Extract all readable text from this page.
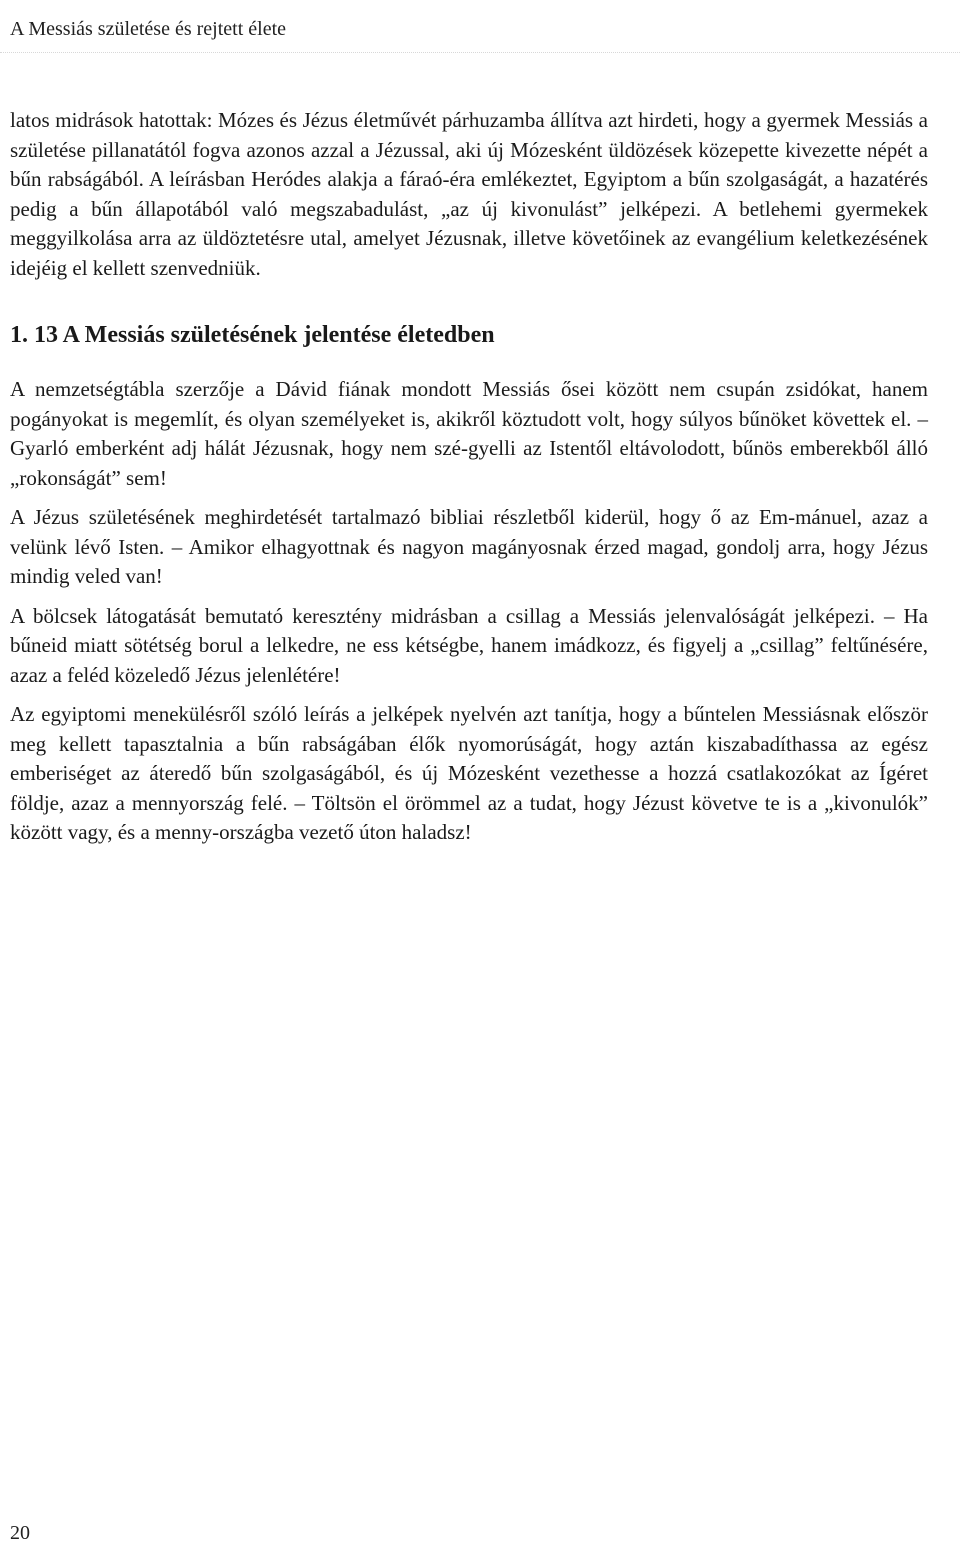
A Messiás születése és rejtett élete

latos midrások hatottak: Mózes és Jézus életművét párhuzamba állítva azt hirdeti, hogy a gyermek Messiás a születése pillanatától fogva azonos azzal a Jézussal, aki új Mózesként üldözések közepette kivezette népét a bűn rabságából. A leírásban Heródes alakja a fáraó-éra emlékeztet, Egyiptom a bűn szolgaságát, a hazatérés pedig a bűn állapotából való megszabadulást, „az új kivonulást” jelképezi. A betlehemi gyermekek meggyilkolása arra az üldöztetésre utal, amelyet Jézusnak, illetve követőinek az evangélium keletkezésének idejéig el kellett szenvedniük.

1. 13 A Messiás születésének jelentése életedben

A nemzetségtábla szerzője a Dávid fiának mondott Messiás ősei között nem csupán zsidókat, hanem pogányokat is megemlít, és olyan személyeket is, akikről köztudott volt, hogy súlyos bűnöket követtek el. – Gyarló emberként adj hálát Jézusnak, hogy nem szé-gyelli az Istentől eltávolodott, bűnös emberekből álló „rokonságát” sem!

A Jézus születésének meghirdetését tartalmazó bibliai részletből kiderül, hogy ő az Em-mánuel, azaz a velünk lévő Isten. – Amikor elhagyottnak és nagyon magányosnak érzed magad, gondolj arra, hogy Jézus mindig veled van!

A bölcsek látogatását bemutató keresztény midrásban a csillag a Messiás jelenvalóságát jelképezi. – Ha bűneid miatt sötétség borul a lelkedre, ne ess kétségbe, hanem imádkozz, és figyelj a „csillag” feltűnésére, azaz a feléd közeledő Jézus jelenlétére!

Az egyiptomi menekülésről szóló leírás a jelképek nyelvén azt tanítja, hogy a bűntelen Messiásnak először meg kellett tapasztalnia a bűn rabságában élők nyomorúságát, hogy aztán kiszabadíthassa az egész emberiséget az áteredő bűn szolgaságából, és új Mózesként vezethesse a hozzá csatlakozókat az Ígéret földje, azaz a mennyország felé. – Töltsön el örömmel az a tudat, hogy Jézust követve te is a „kivonulók” között vagy, és a menny-országba vezető úton haladsz!

20
